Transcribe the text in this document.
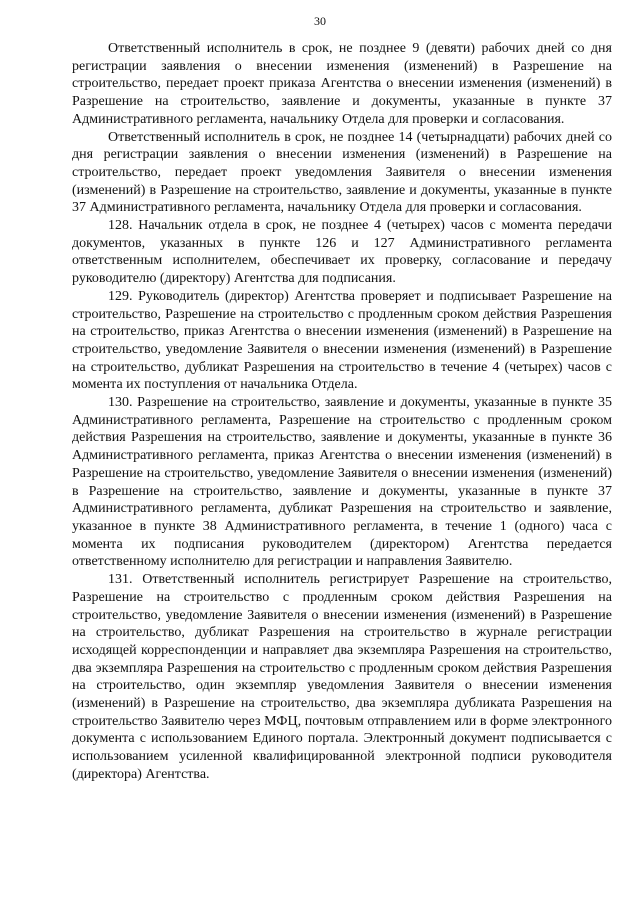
30

Ответственный исполнитель в срок, не позднее 9 (девяти) рабочих дней со дня регистрации заявления о внесении изменения (изменений) в Разрешение на строительство, передает проект приказа Агентства о внесении изменения (изменений) в Разрешение на строительство, заявление и документы, указанные в пункте 37 Административного регламента, начальнику Отдела для проверки и согласования.

Ответственный исполнитель в срок, не позднее 14 (четырнадцати) рабочих дней со дня регистрации заявления о внесении изменения (изменений) в Разрешение на строительство, передает проект уведомления Заявителя о внесении изменения (изменений) в Разрешение на строительство, заявление и документы, указанные в пункте 37 Административного регламента, начальнику Отдела для проверки и согласования.

128. Начальник отдела в срок, не позднее 4 (четырех) часов с момента передачи документов, указанных в пункте 126 и 127 Административного регламента ответственным исполнителем, обеспечивает их проверку, согласование и передачу руководителю (директору) Агентства для подписания.

129. Руководитель (директор) Агентства проверяет и подписывает Разрешение на строительство, Разрешение на строительство с продленным сроком действия Разрешения на строительство, приказ Агентства о внесении изменения (изменений) в Разрешение на строительство, уведомление Заявителя о внесении изменения (изменений) в Разрешение на строительство, дубликат Разрешения на строительство в течение 4 (четырех) часов с момента их поступления от начальника Отдела.

130. Разрешение на строительство, заявление и документы, указанные в пункте 35 Административного регламента, Разрешение на строительство с продленным сроком действия Разрешения на строительство, заявление и документы, указанные в пункте 36 Административного регламента, приказ Агентства о внесении изменения (изменений) в Разрешение на строительство, уведомление Заявителя о внесении изменения (изменений) в Разрешение на строительство, заявление и документы, указанные в пункте 37 Административного регламента, дубликат Разрешения на строительство и заявление, указанное в пункте 38 Административного регламента, в течение 1 (одного) часа с момента их подписания руководителем (директором) Агентства передается ответственному исполнителю для регистрации и направления Заявителю.

131. Ответственный исполнитель регистрирует Разрешение на строительство, Разрешение на строительство с продленным сроком действия Разрешения на строительство, уведомление Заявителя о внесении изменения (изменений) в Разрешение на строительство, дубликат Разрешения на строительство в журнале регистрации исходящей корреспонденции и направляет два экземпляра Разрешения на строительство, два экземпляра Разрешения на строительство с продленным сроком действия Разрешения на строительство, один экземпляр уведомления Заявителя о внесении изменения (изменений) в Разрешение на строительство, два экземпляра дубликата Разрешения на строительство Заявителю через МФЦ, почтовым отправлением или в форме электронного документа с использованием Единого портала. Электронный документ подписывается с использованием усиленной квалифицированной электронной подписи руководителя (директора) Агентства.
